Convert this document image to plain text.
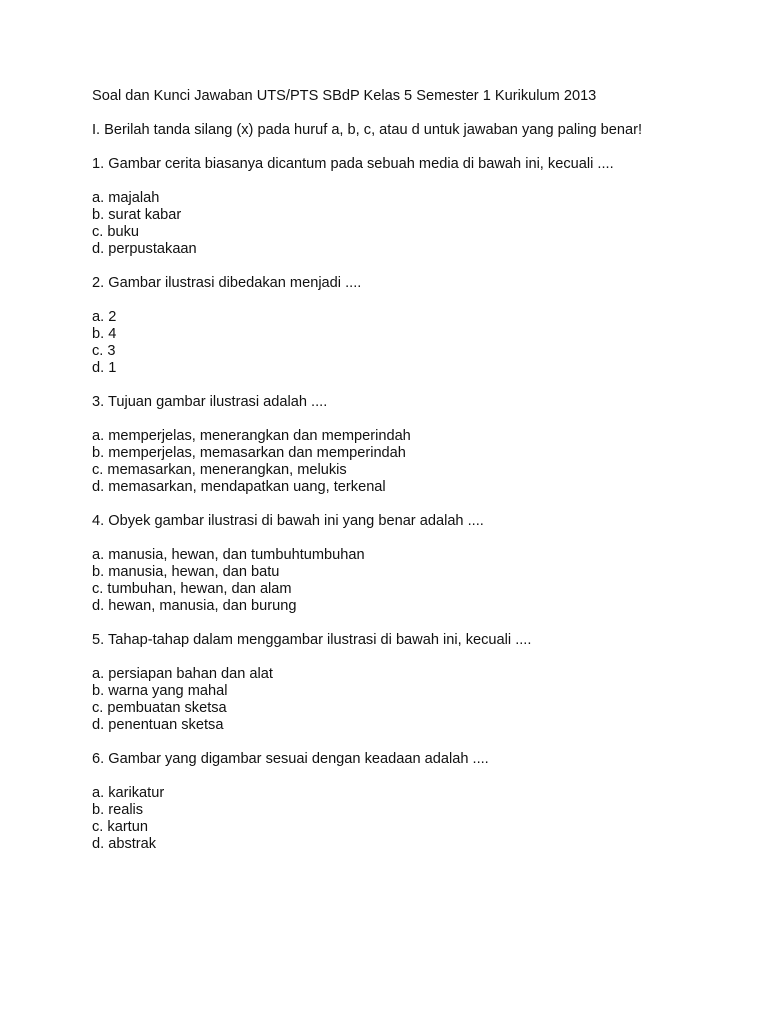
Soal dan Kunci Jawaban UTS/PTS SBdP Kelas 5 Semester 1 Kurikulum 2013
I. Berilah tanda silang (x) pada huruf a, b, c, atau d untuk jawaban yang paling benar!
1. Gambar cerita biasanya dicantum pada sebuah media di bawah ini, kecuali ....
a. majalah
b. surat kabar
c. buku
d. perpustakaan
2. Gambar ilustrasi dibedakan menjadi ....
a. 2
b. 4
c. 3
d. 1
3. Tujuan gambar ilustrasi adalah ....
a. memperjelas, menerangkan dan memperindah
b. memperjelas, memasarkan dan memperindah
c. memasarkan, menerangkan, melukis
d. memasarkan, mendapatkan uang, terkenal
4. Obyek gambar ilustrasi di bawah ini yang benar adalah ....
a. manusia, hewan, dan tumbuhtumbuhan
b. manusia, hewan, dan batu
c. tumbuhan, hewan, dan alam
d. hewan, manusia, dan burung
5. Tahap-tahap dalam menggambar ilustrasi di bawah ini, kecuali ....
a. persiapan bahan dan alat
b. warna yang mahal
c. pembuatan sketsa
d. penentuan sketsa
6. Gambar yang digambar sesuai dengan keadaan adalah ....
a. karikatur
b. realis
c. kartun
d. abstrak
